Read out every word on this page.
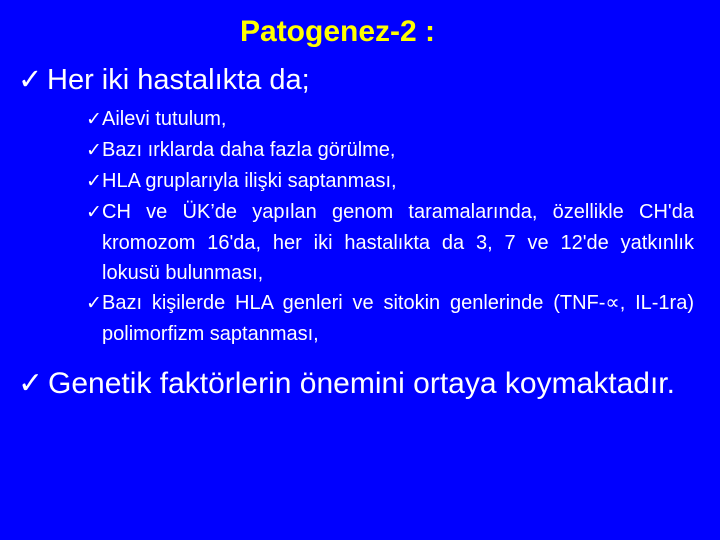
Patogenez-2 :
✓ Her iki hastalıkta da;

✓Ailevi tutulum,

✓Bazı ırklarda daha fazla görülme,

✓HLA gruplarıyla ilişki saptanması,

✓CH ve ÜK’de yapılan genom taramalarında, özellikle CH'da kromozom 16'da, her iki hastalıkta da 3, 7 ve 12'de yatkınlık lokusü bulunması,

✓Bazı kişilerde HLA genleri ve sitokin genlerinde (TNF-∝, IL-1ra) polimorfizm saptanması,

✓ Genetik faktörlerin önemini ortaya koymaktadır.
